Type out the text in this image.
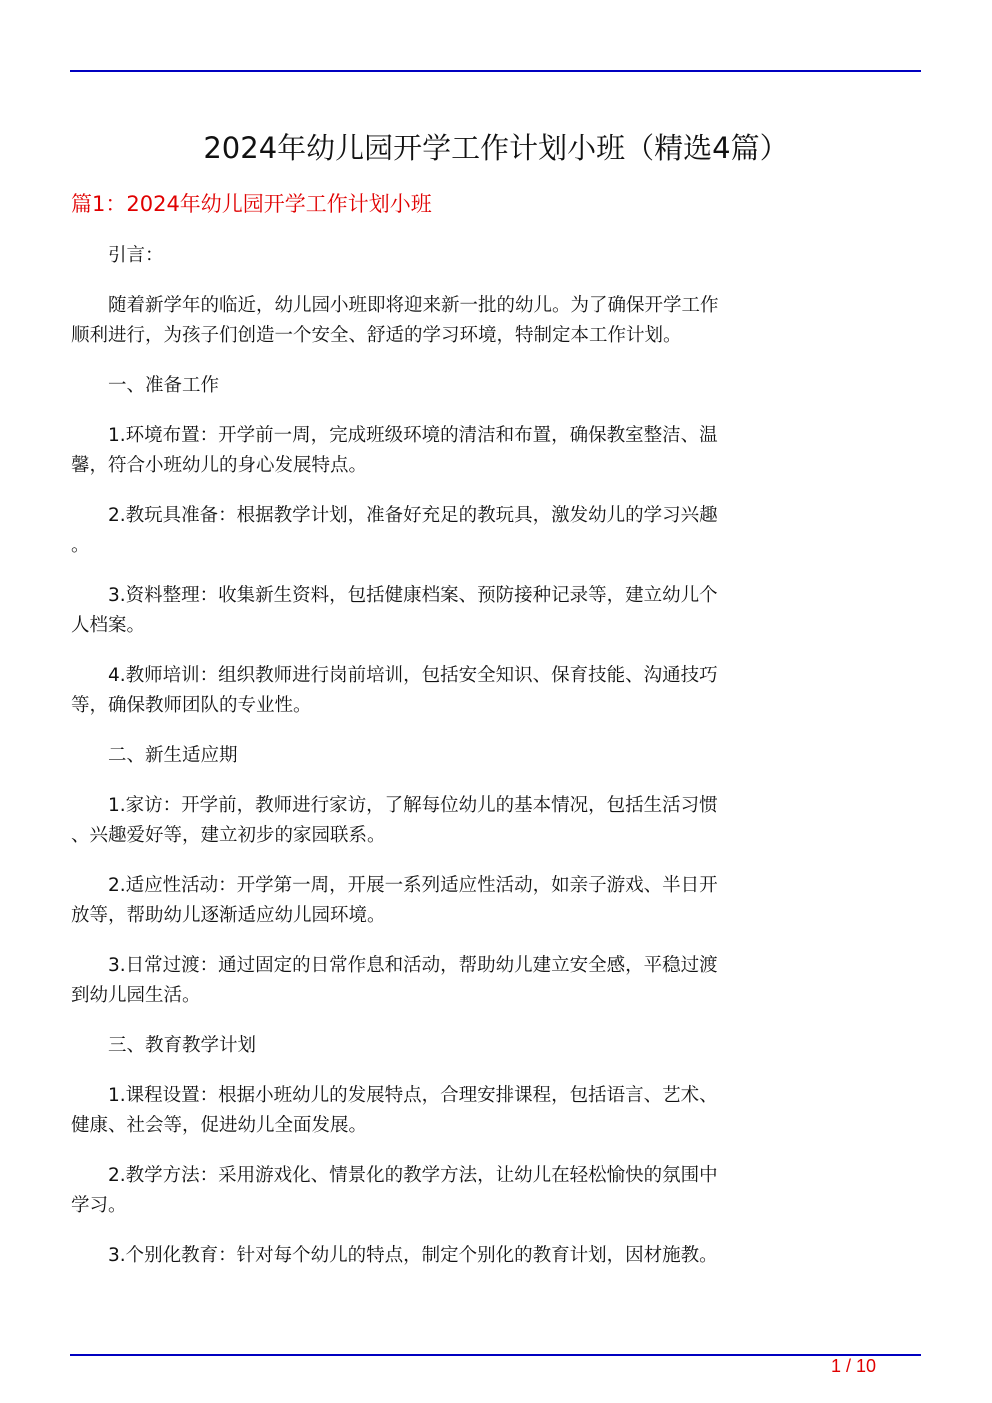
2024年幼儿园开学工作计划小班（精选4篇）
篇1：2024年幼儿园开学工作计划小班
引言：
随着新学年的临近，幼儿园小班即将迎来新一批的幼儿。为了确保开学工作
顺利进行，为孩子们创造一个安全、舒适的学习环境，特制定本工作计划。
一、准备工作
1.环境布置：开学前一周，完成班级环境的清洁和布置，确保教室整洁、温
馨，符合小班幼儿的身心发展特点。
2.教玩具准备：根据教学计划，准备好充足的教玩具，激发幼儿的学习兴趣
。
3.资料整理：收集新生资料，包括健康档案、预防接种记录等，建立幼儿个
人档案。
4.教师培训：组织教师进行岗前培训，包括安全知识、保育技能、沟通技巧
等，确保教师团队的专业性。
二、新生适应期
1.家访：开学前，教师进行家访，了解每位幼儿的基本情况，包括生活习惯
、兴趣爱好等，建立初步的家园联系。
2.适应性活动：开学第一周，开展一系列适应性活动，如亲子游戏、半日开
放等，帮助幼儿逐渐适应幼儿园环境。
3.日常过渡：通过固定的日常作息和活动，帮助幼儿建立安全感，平稳过渡
到幼儿园生活。
三、教育教学计划
1.课程设置：根据小班幼儿的发展特点，合理安排课程，包括语言、艺术、
健康、社会等，促进幼儿全面发展。
2.教学方法：采用游戏化、情景化的教学方法，让幼儿在轻松愉快的氛围中
学习。
3.个别化教育：针对每个幼儿的特点，制定个别化的教育计划，因材施教。
1 / 10
